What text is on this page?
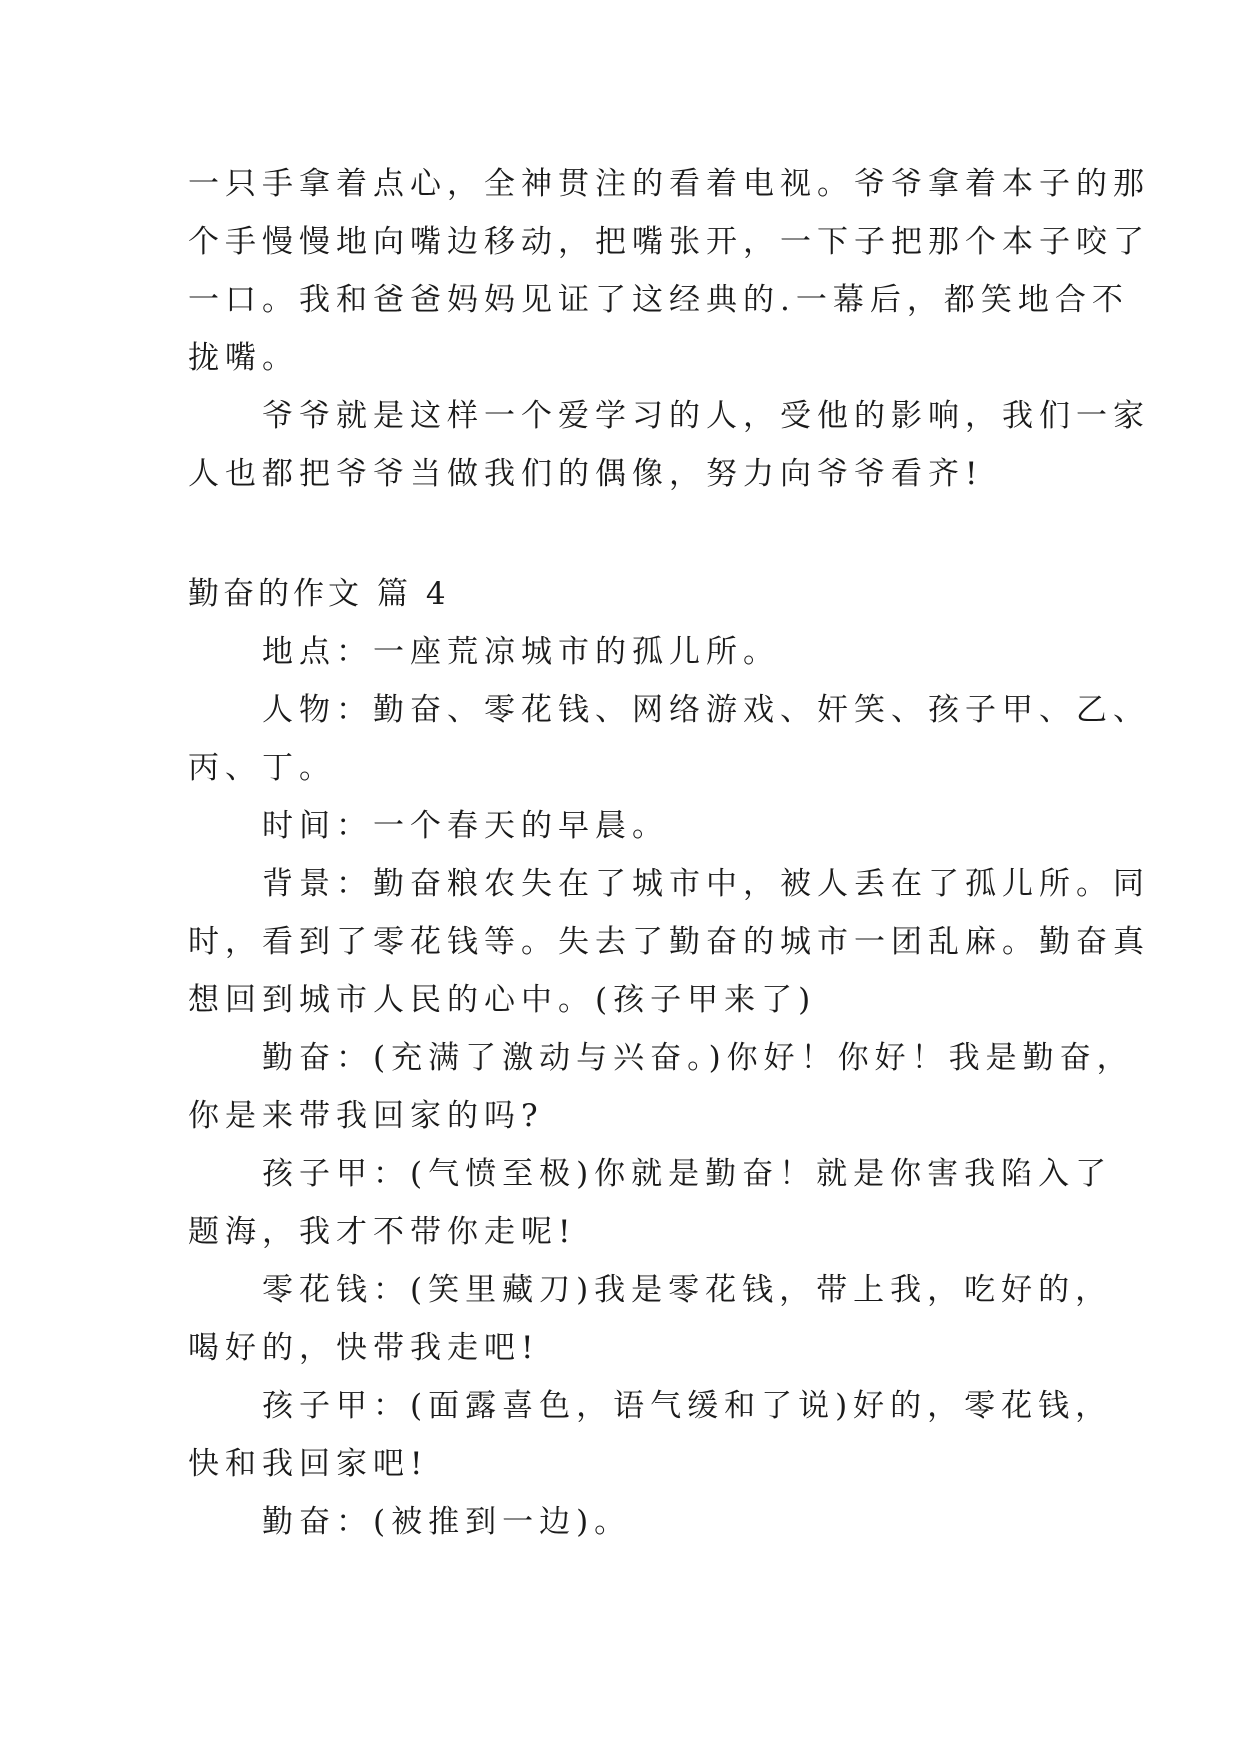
一只手拿着点心，全神贯注的看着电视。爷爷拿着本子的那
个手慢慢地向嘴边移动，把嘴张开，一下子把那个本子咬了
一口。我和爸爸妈妈见证了这经典的.一幕后，都笑地合不
拢嘴。
　　爷爷就是这样一个爱学习的人，受他的影响，我们一家
人也都把爷爷当做我们的偶像，努力向爷爷看齐!
勤奋的作文 篇 4
　　地点：一座荒凉城市的孤儿所。
　　人物：勤奋、零花钱、网络游戏、奸笑、孩子甲、乙、
丙、丁。
　　时间：一个春天的早晨。
　　背景：勤奋粮农失在了城市中，被人丢在了孤儿所。同
时，看到了零花钱等。失去了勤奋的城市一团乱麻。勤奋真
想回到城市人民的心中。(孩子甲来了)
　　勤奋：(充满了激动与兴奋。)你好！你好！我是勤奋，
你是来带我回家的吗?
　　孩子甲：(气愤至极)你就是勤奋！就是你害我陷入了
题海，我才不带你走呢!
　　零花钱：(笑里藏刀)我是零花钱，带上我，吃好的，
喝好的，快带我走吧!
　　孩子甲：(面露喜色，语气缓和了说)好的，零花钱，
快和我回家吧!
　　勤奋：(被推到一边)。
